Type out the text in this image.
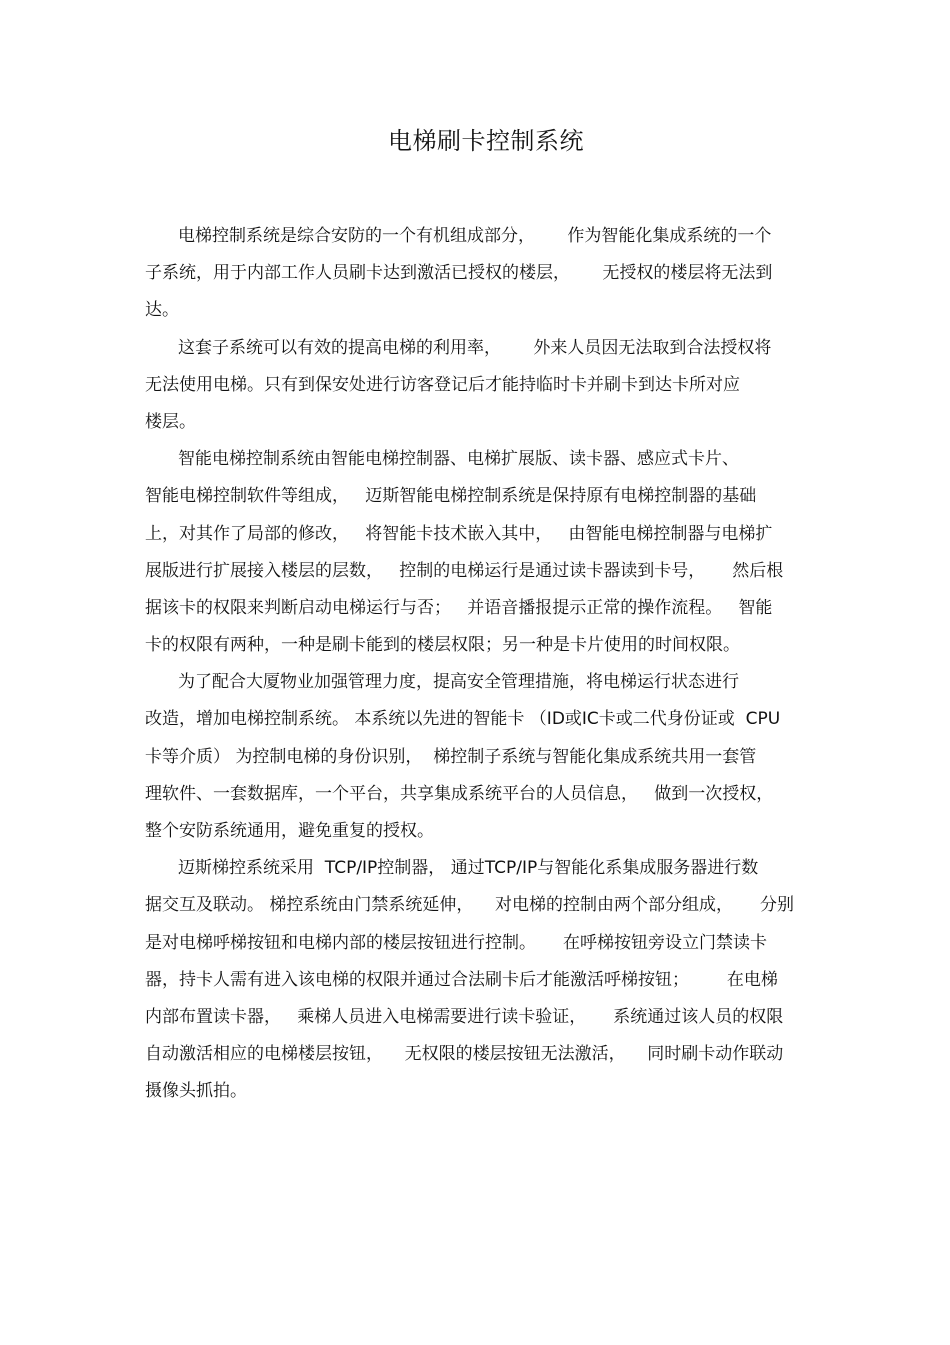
电梯刷卡控制系统
电梯控制系统是综合安防的一个有机组成部分，      作为智能化集成系统的一个
子系统，用于内部工作人员刷卡达到激活已授权的楼层，      无授权的楼层将无法到
达。
这套子系统可以有效的提高电梯的利用率，      外来人员因无法取到合法授权将
无法使用电梯。只有到保安处进行访客登记后才能持临时卡并刷卡到达卡所对应
楼层。
智能电梯控制系统由智能电梯控制器、电梯扩展版、读卡器、感应式卡片、
智能电梯控制软件等组成，   迈斯智能电梯控制系统是保持原有电梯控制器的基础
上，对其作了局部的修改，   将智能卡技术嵌入其中，   由智能电梯控制器与电梯扩
展版进行扩展接入楼层的层数，   控制的电梯运行是通过读卡器读到卡号，     然后根
据该卡的权限来判断启动电梯运行与否；   并语音播报提示正常的操作流程。   智能
卡的权限有两种，一种是刷卡能到的楼层权限；另一种是卡片使用的时间权限。
为了配合大厦物业加强管理力度，提高安全管理措施，将电梯运行状态进行
改造，增加电梯控制系统。 本系统以先进的智能卡 （ID或IC卡或二代身份证或  CPU
卡等介质） 为控制电梯的身份识别，  梯控制子系统与智能化集成系统共用一套管
理软件、一套数据库，一个平台，共享集成系统平台的人员信息，   做到一次授权，
整个安防系统通用，避免重复的授权。
迈斯梯控系统采用  TCP/IP控制器， 通过TCP/IP与智能化系集成服务器进行数
据交互及联动。 梯控系统由门禁系统延伸，    对电梯的控制由两个部分组成，     分别
是对电梯呼梯按钮和电梯内部的楼层按钮进行控制。     在呼梯按钮旁设立门禁读卡
器，持卡人需有进入该电梯的权限并通过合法刷卡后才能激活呼梯按钮；       在电梯
内部布置读卡器，   乘梯人员进入电梯需要进行读卡验证，     系统通过该人员的权限
自动激活相应的电梯楼层按钮，    无权限的楼层按钮无法激活，    同时刷卡动作联动
摄像头抓拍。
